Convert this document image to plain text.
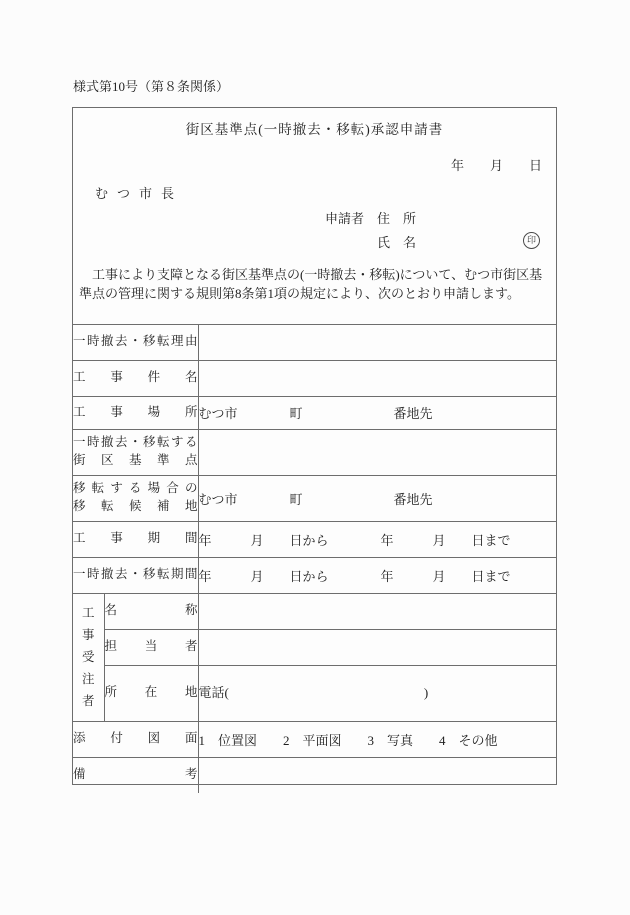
様式第10号（第８条関係）
街区基準点(一時撤去・移転)承認申請書
年　　月　　日
むつ市長
申請者　住　所
氏　名	印

　工事により支障となる街区基準点の(一時撤去・移転)について、むつ市街区基準点の管理に関する規則第8条第1項の規定により、次のとおり申請します。

一 時 撤 去 ・ 移 転 理 由

工 事 件 名		

工 事 場 所		むつ市　　　　町　　　　　　　番地先

一 時 撤 去 ・ 移 転 す る
街 区 基 準 点

移 転 す る 場 合 の
移 転 候 補 地	むつ市　　　　町　　　　　　　番地先

工 事 期 間		年　　　月　　日から　　　　年　　　月　　日まで

一 時 撤 去 ・ 移 転 期 間	年　　　月　　日から　　　　年　　　月　　日まで

工
事
受
注
者	名 称	

	担 当 者	

	所 在 地	電話(　　　　　　　　　　　　　　　)

添 付 図 面		1　位置図　　2　平面図　　3　写真　　4　その他

備 考		
